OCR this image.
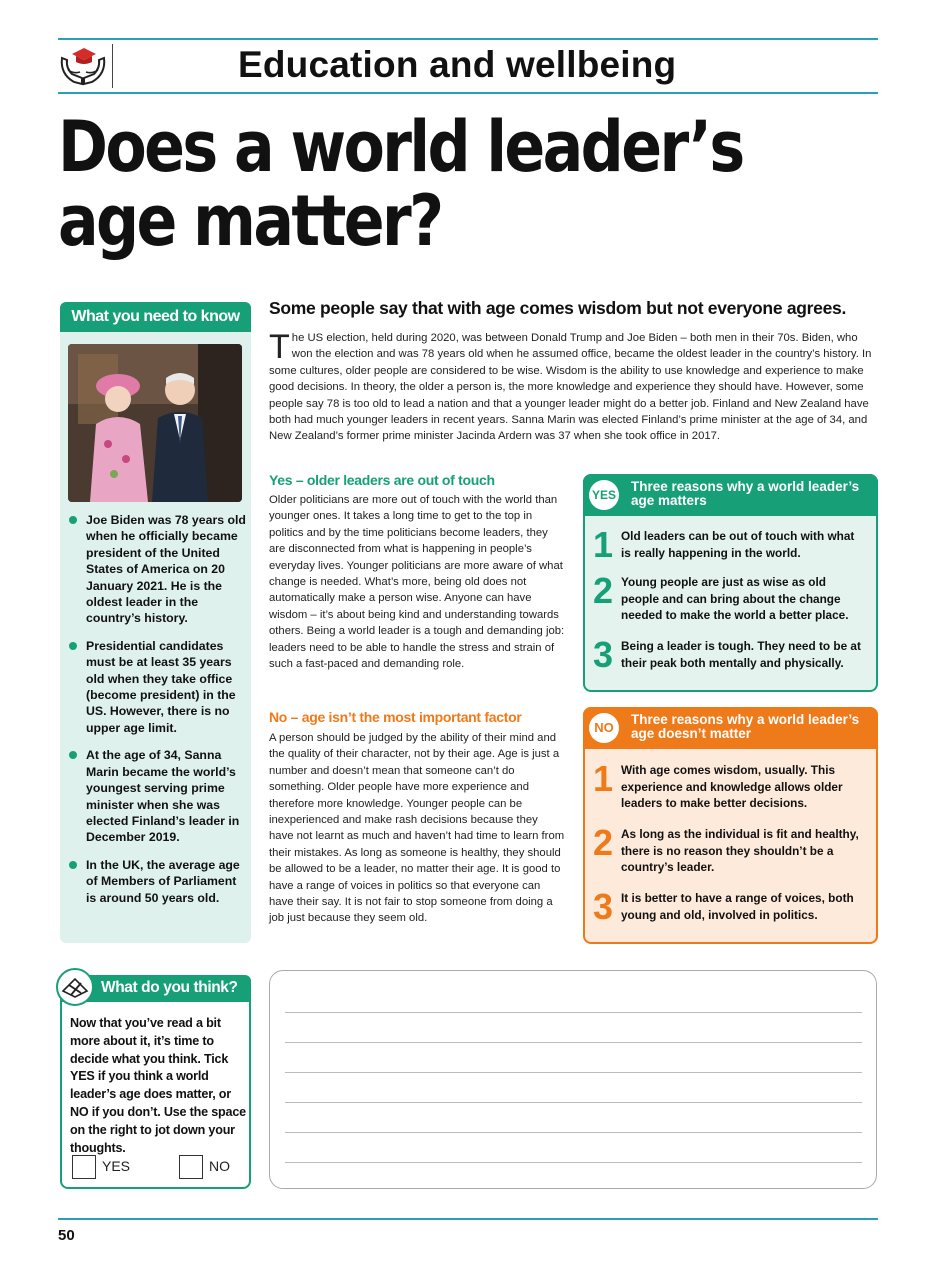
Education and wellbeing
Does a world leader’s
age matter?
What you need to know
Joe Biden was 78 years old when he officially became president of the United States of America on 20 January 2021. He is the oldest leader in the country’s history.
Presidential candidates must be at least 35 years old when they take office (become president) in the US. However, there is no upper age limit.
At the age of 34, Sanna Marin became the world’s youngest serving prime minister when she was elected Finland’s leader in December 2019.
In the UK, the average age of Members of Parliament is around 50 years old.
Some people say that with age comes wisdom but not everyone agrees.
The US election, held during 2020, was between Donald Trump and Joe Biden – both men in their 70s. Biden, who won the election and was 78 years old when he assumed office, became the oldest leader in the country’s history. In some cultures, older people are considered to be wise. Wisdom is the ability to use knowledge and experience to make good decisions. In theory, the older a person is, the more knowledge and experience they should have. However, some people say 78 is too old to lead a nation and that a younger leader might do a better job. Finland and New Zealand have both had much younger leaders in recent years. Sanna Marin was elected Finland’s prime minister at the age of 34, and New Zealand’s former prime minister Jacinda Ardern was 37 when she took office in 2017.
Yes – older leaders are out of touch
Older politicians are more out of touch with the world than younger ones. It takes a long time to get to the top in politics and by the time politicians become leaders, they are disconnected from what is happening in people’s everyday lives. Younger politicians are more aware of what change is needed. What’s more, being old does not automatically make a person wise. Anyone can have wisdom – it’s about being kind and understanding towards others. Being a world leader is a tough and demanding job: leaders need to be able to handle the stress and strain of such a fast-paced and demanding role.
No – age isn’t the most important factor
A person should be judged by the ability of their mind and the quality of their character, not by their age. Age is just a number and doesn’t mean that someone can’t do something. Older people have more experience and therefore more knowledge. Younger people can be inexperienced and make rash decisions because they have not learnt as much and haven’t had time to learn from their mistakes. As long as someone is healthy, they should be allowed to be a leader, no matter their age. It is good to have a range of voices in politics so that everyone can have their say. It is not fair to stop someone from doing a job just because they seem old.
YES
Three reasons why a world leader’s
age matters
1 Old leaders can be out of touch with what is really happening in the world.
2 Young people are just as wise as old people and can bring about the change needed to make the world a better place.
3 Being a leader is tough. They need to be at their peak both mentally and physically.
NO
Three reasons why a world leader’s
age doesn’t matter
1 With age comes wisdom, usually. This experience and knowledge allows older leaders to make better decisions.
2 As long as the individual is fit and healthy, there is no reason they shouldn’t be a country’s leader.
3 It is better to have a range of voices, both young and old, involved in politics.
What do you think?
Now that you’ve read a bit more about it, it’s time to decide what you think. Tick YES if you think a world leader’s age does matter, or NO if you don’t. Use the space on the right to jot down your thoughts.
YES	NO
50
